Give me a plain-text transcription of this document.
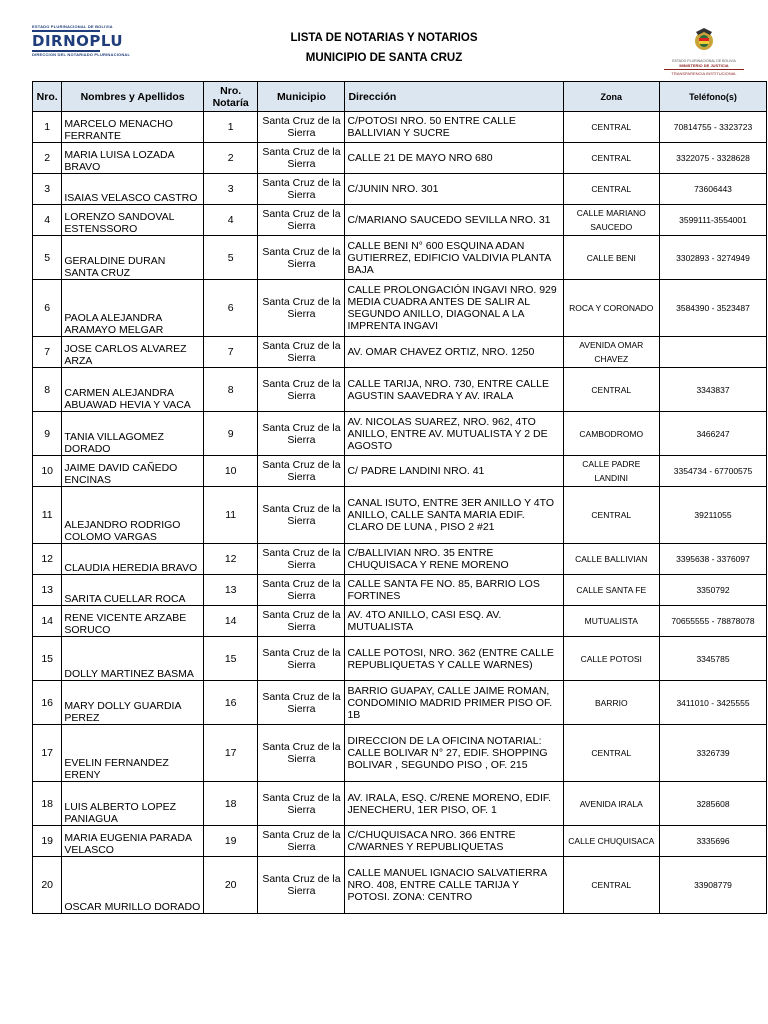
ESTADO PLURINACIONAL DE BOLIVIA
DIRNOPLU
DIRECCION DEL NOTARIADO PLURINACIONAL
LISTA DE NOTARIAS Y NOTARIOS
MUNICIPIO DE SANTA CRUZ	ESTADO PLURINACIONAL DE BOLIVIA
MINISTERIO DE JUSTICIA
TRANSPARENCIA INSTITUCIONAL
Nro.	Nombres y Apellidos	Nro. Notaría	Municipio	Dirección	Zona	Teléfono(s)
1	MARCELO MENACHO FERRANTE	1	Santa Cruz de la Sierra	C/POTOSI NRO. 50 ENTRE CALLE BALLIVIAN Y SUCRE	CENTRAL	70814755 - 3323723
2	MARIA LUISA LOZADA BRAVO	2	Santa Cruz de la Sierra	CALLE 21 DE MAYO NRO 680	CENTRAL	3322075 - 3328628
3	ISAIAS VELASCO CASTRO	3	Santa Cruz de la Sierra	C/JUNIN NRO. 301	CENTRAL	73606443
4	LORENZO SANDOVAL ESTENSSORO	4	Santa Cruz de la Sierra	C/MARIANO SAUCEDO SEVILLA NRO. 31	CALLE MARIANO SAUCEDO	3599111-3554001
5	GERALDINE DURAN SANTA CRUZ	5	Santa Cruz de la Sierra	CALLE BENI N° 600 ESQUINA ADAN GUTIERREZ, EDIFICIO VALDIVIA PLANTA BAJA	CALLE BENI	3302893 - 3274949
6	PAOLA ALEJANDRA ARAMAYO MELGAR	6	Santa Cruz de la Sierra	CALLE PROLONGACIÓN INGAVI NRO. 929 MEDIA CUADRA ANTES DE SALIR AL SEGUNDO ANILLO, DIAGONAL A LA IMPRENTA INGAVI	ROCA Y CORONADO	3584390 - 3523487
7	JOSE CARLOS ALVAREZ ARZA	7	Santa Cruz de la Sierra	AV. OMAR CHAVEZ ORTIZ, NRO. 1250	AVENIDA OMAR CHAVEZ	
8	CARMEN ALEJANDRA ABUAWAD HEVIA Y VACA	8	Santa Cruz de la Sierra	CALLE TARIJA, NRO. 730, ENTRE CALLE AGUSTIN SAAVEDRA Y AV. IRALA	CENTRAL	3343837
9	TANIA VILLAGOMEZ DORADO	9	Santa Cruz de la Sierra	AV. NICOLAS SUAREZ, NRO. 962, 4TO ANILLO, ENTRE AV. MUTUALISTA Y 2 DE AGOSTO	CAMBODROMO	3466247
10	JAIME DAVID CAÑEDO ENCINAS	10	Santa Cruz de la Sierra	C/ PADRE LANDINI NRO. 41	CALLE PADRE LANDINI	3354734 - 67700575
11	ALEJANDRO RODRIGO COLOMO VARGAS	11	Santa Cruz de la Sierra	CANAL ISUTO, ENTRE 3ER ANILLO Y 4TO ANILLO, CALLE SANTA MARIA EDIF. CLARO DE LUNA , PISO 2 #21	CENTRAL	39211055
12	CLAUDIA HEREDIA BRAVO	12	Santa Cruz de la Sierra	C/BALLIVIAN NRO. 35 ENTRE CHUQUISACA Y RENE MORENO	CALLE BALLIVIAN	3395638 - 3376097
13	SARITA CUELLAR ROCA	13	Santa Cruz de la Sierra	CALLE SANTA FE NO. 85, BARRIO LOS FORTINES	CALLE SANTA FE	3350792
14	RENE VICENTE ARZABE SORUCO	14	Santa Cruz de la Sierra	AV. 4TO ANILLO, CASI ESQ. AV. MUTUALISTA	MUTUALISTA	70655555 - 78878078
15	DOLLY MARTINEZ BASMA	15	Santa Cruz de la Sierra	CALLE POTOSI, NRO. 362 (ENTRE CALLE REPUBLIQUETAS Y CALLE WARNES)	CALLE POTOSI	3345785
16	MARY DOLLY GUARDIA PEREZ	16	Santa Cruz de la Sierra	BARRIO GUAPAY, CALLE JAIME ROMAN, CONDOMINIO MADRID PRIMER PISO OF. 1B	BARRIO	3411010 - 3425555
17	EVELIN FERNANDEZ ERENY	17	Santa Cruz de la Sierra	DIRECCION DE LA OFICINA NOTARIAL: CALLE BOLIVAR N° 27, EDIF. SHOPPING BOLIVAR , SEGUNDO PISO , OF. 215	CENTRAL	3326739
18	LUIS ALBERTO LOPEZ PANIAGUA	18	Santa Cruz de la Sierra	AV. IRALA, ESQ. C/RENE MORENO, EDIF. JENECHERU, 1ER PISO, OF. 1	AVENIDA IRALA	3285608
19	MARIA EUGENIA PARADA VELASCO	19	Santa Cruz de la Sierra	C/CHUQUISACA NRO. 366 ENTRE C/WARNES Y REPUBLIQUETAS	CALLE CHUQUISACA	3335696
20	OSCAR MURILLO DORADO	20	Santa Cruz de la Sierra	CALLE MANUEL IGNACIO SALVATIERRA NRO. 408, ENTRE CALLE TARIJA Y POTOSI. ZONA: CENTRO	CENTRAL	33908779
